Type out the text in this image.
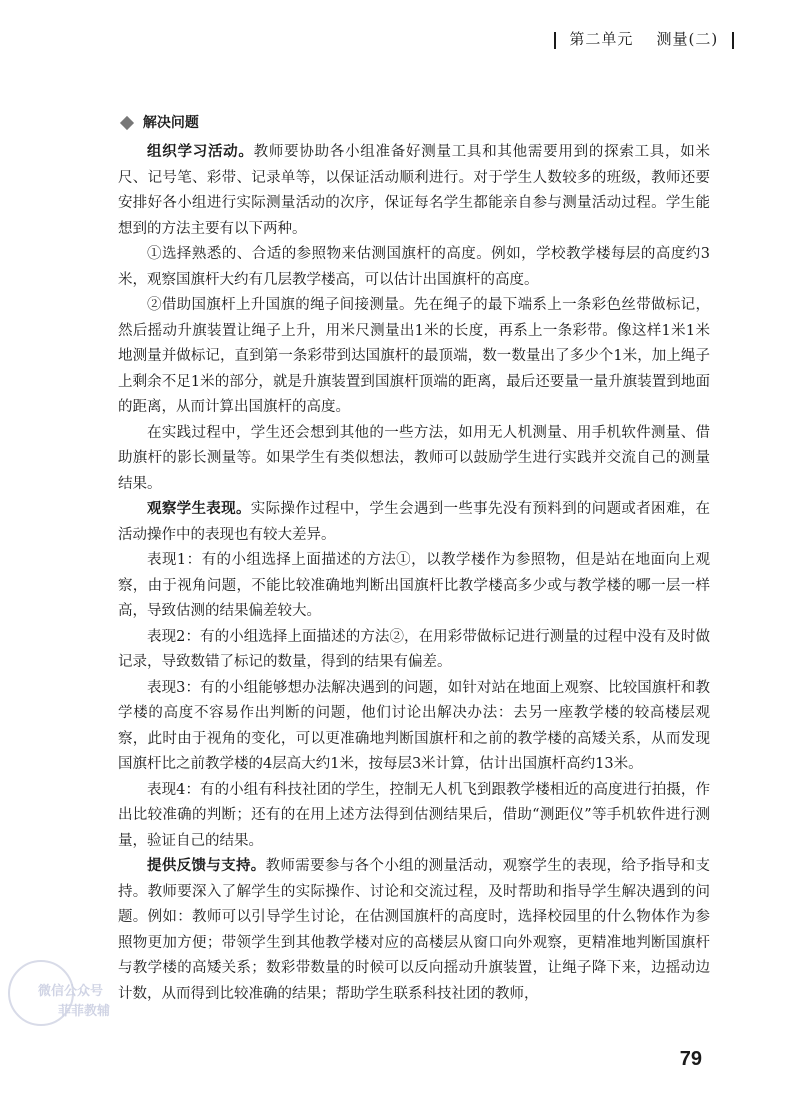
第二单元 测量(二)
解决问题

组织学习活动。教师要协助各小组准备好测量工具和其他需要用到的探索工具，如米尺、记号笔、彩带、记录单等，以保证活动顺利进行。对于学生人数较多的班级，教师还要安排好各小组进行实际测量活动的次序，保证每名学生都能亲自参与测量活动过程。学生能想到的方法主要有以下两种。

①选择熟悉的、合适的参照物来估测国旗杆的高度。例如，学校教学楼每层的高度约3米，观察国旗杆大约有几层教学楼高，可以估计出国旗杆的高度。

②借助国旗杆上升国旗的绳子间接测量。先在绳子的最下端系上一条彩色丝带做标记，然后摇动升旗装置让绳子上升，用米尺测量出1米的长度，再系上一条彩带。像这样1米1米地测量并做标记，直到第一条彩带到达国旗杆的最顶端，数一数量出了多少个1米，加上绳子上剩余不足1米的部分，就是升旗装置到国旗杆顶端的距离，最后还要量一量升旗装置到地面的距离，从而计算出国旗杆的高度。

在实践过程中，学生还会想到其他的一些方法，如用无人机测量、用手机软件测量、借助旗杆的影长测量等。如果学生有类似想法，教师可以鼓励学生进行实践并交流自己的测量结果。

观察学生表现。实际操作过程中，学生会遇到一些事先没有预料到的问题或者困难，在活动操作中的表现也有较大差异。

表现1：有的小组选择上面描述的方法①，以教学楼作为参照物，但是站在地面向上观察，由于视角问题，不能比较准确地判断出国旗杆比教学楼高多少或与教学楼的哪一层一样高，导致估测的结果偏差较大。

表现2：有的小组选择上面描述的方法②，在用彩带做标记进行测量的过程中没有及时做记录，导致数错了标记的数量，得到的结果有偏差。

表现3：有的小组能够想办法解决遇到的问题，如针对站在地面上观察、比较国旗杆和教学楼的高度不容易作出判断的问题，他们讨论出解决办法：去另一座教学楼的较高楼层观察，此时由于视角的变化，可以更准确地判断国旗杆和之前的教学楼的高矮关系，从而发现国旗杆比之前教学楼的4层高大约1米，按每层3米计算，估计出国旗杆高约13米。

表现4：有的小组有科技社团的学生，控制无人机飞到跟教学楼相近的高度进行拍摄，作出比较准确的判断；还有的在用上述方法得到估测结果后，借助“测距仪”等手机软件进行测量，验证自己的结果。

提供反馈与支持。教师需要参与各个小组的测量活动，观察学生的表现，给予指导和支持。教师要深入了解学生的实际操作、讨论和交流过程，及时帮助和指导学生解决遇到的问题。例如：教师可以引导学生讨论，在估测国旗杆的高度时，选择校园里的什么物体作为参照物更加方便；带领学生到其他教学楼对应的高楼层从窗口向外观察，更精准地判断国旗杆与教学楼的高矮关系；数彩带数量的时候可以反向摇动升旗装置，让绳子降下来，边摇动边计数，从而得到比较准确的结果；帮助学生联系科技社团的教师，

微信公众号
菲菲教辅
79
